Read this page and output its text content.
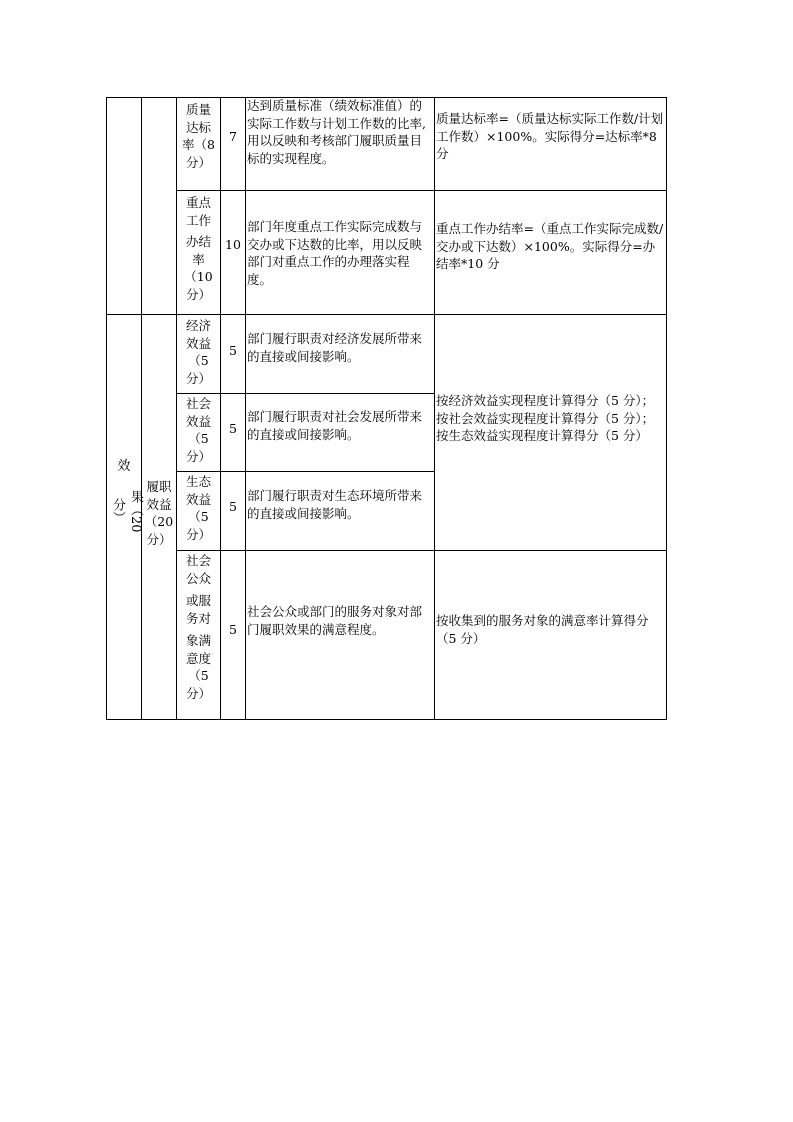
效
果（20 分）
履职
效益（20
分）
质量
达标
率（8
分）
7
达到质量标准（绩效标准值）的实际工作数与计划工作数的比率,用以反映和考核部门履职质量目标的实现程度。
质量达标率=（质量达标实际工作数/计划工作数）×100%。实际得分=达标率*8 分
重点
工作
办结
率
（10
分）
10
部门年度重点工作实际完成数与交办或下达数的比率，用以反映部门对重点工作的办理落实程度。
重点工作办结率=（重点工作实际完成数/交办或下达数）×100%。实际得分=办结率*10 分
经济
效益
（5
分）
5
部门履行职责对经济发展所带来的直接或间接影响。
社会
效益
（5
分）
5
部门履行职责对社会发展所带来的直接或间接影响。
生态
效益
（5
分）
5
部门履行职责对生态环境所带来的直接或间接影响。
按经济效益实现程度计算得分（5 分）；按社会效益实现程度计算得分（5 分）；按生态效益实现程度计算得分（5 分）
社会
公众
或服
务对
象满
意度
（5
分）
5
社会公众或部门的服务对象对部门履职效果的满意程度。
按收集到的服务对象的满意率计算得分（5 分）
